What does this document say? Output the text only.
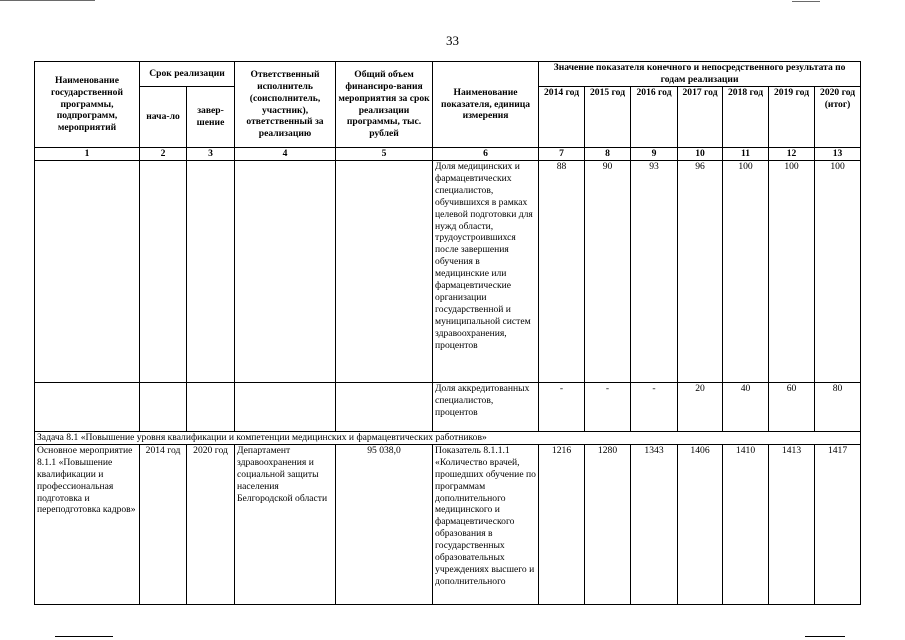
33
Наименование государственной программы, подпрограмм, мероприятий	Срок реализации		Ответственный исполнитель (соисполнитель, участник), ответственный за реализацию	Общий объем финансиро-вания мероприятия за срок реализации программы, тыс. рублей	Наименование показателя, единица измерения	Значение показателя конечного и непосредственного результата по годам реализации						
	нача-ло	завер-шение				2014 год	2015 год	2016 год	2017 год	2018 год	2019 год	2020 год (итог)
1	2	3	4	5	6	7	8	9	10	11	12	13
					Доля медицинских и фармацевтических специалистов, обучившихся в рамках целевой подготовки для нужд области, трудоустроившихся после завершения обучения в медицинские или фармацевтические организации государственной и муниципальной систем здравоохранения, процентов	88	90	93	96	100	100	100
					Доля аккредитованных специалистов, процентов	-	-	-	20	40	60	80
Задача 8.1 «Повышение уровня квалификации и компетенции медицинских и фармацевтических работников»												
Основное мероприятие 8.1.1 «Повышение квалификации и профессиональная подготовка и переподготовка кадров»	2014 год	2020 год	Департамент здравоохранения и социальной защиты населения Белгородской области	95 038,0	Показатель 8.1.1.1 «Количество врачей, прошедших обучение по программам дополнительного медицинского и фармацевтического образования в государственных образовательных учреждениях высшего и дополнительного	1216	1280	1343	1406	1410	1413	1417
